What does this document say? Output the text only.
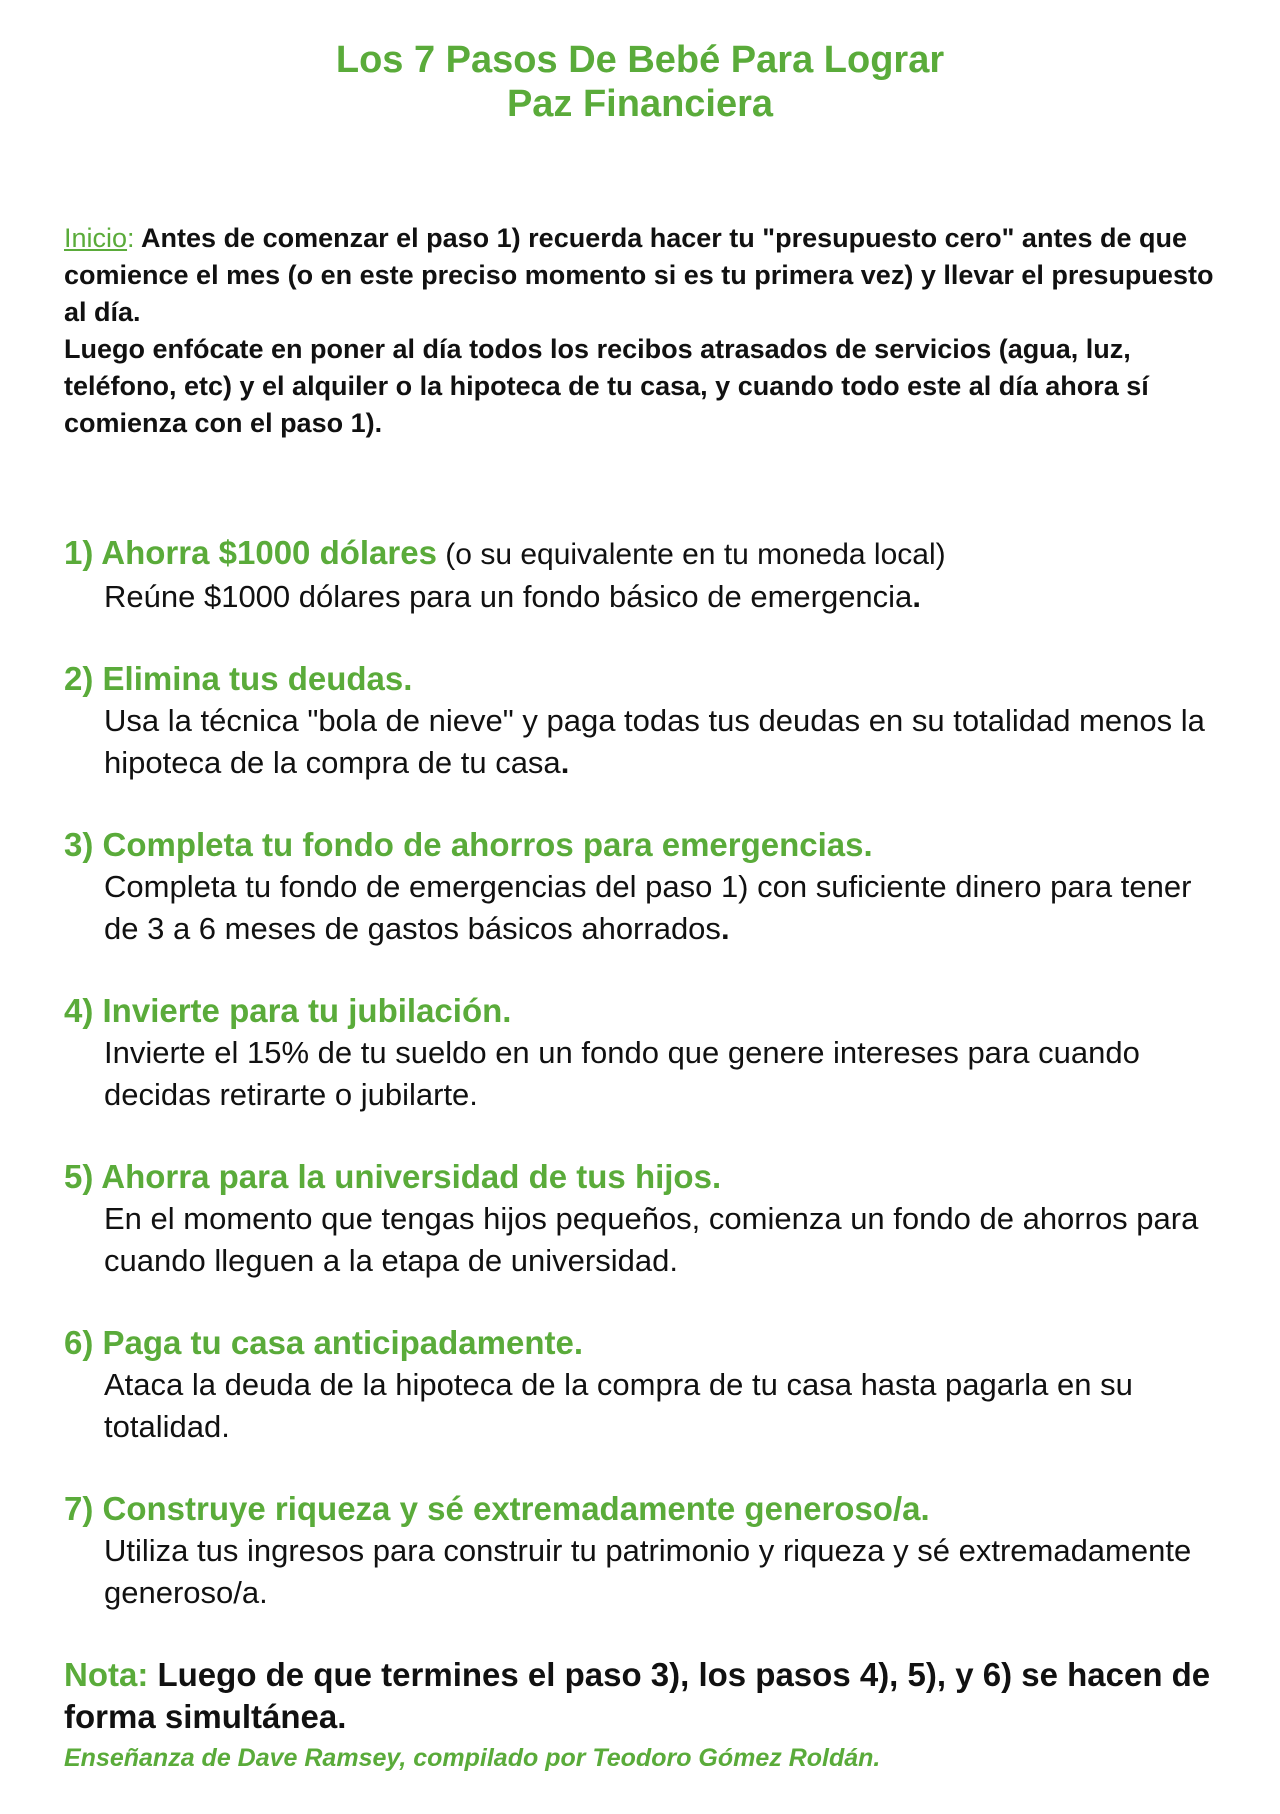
Los 7 Pasos De Bebé Para Lograr
Paz Financiera

Inicio: Antes de comenzar el paso 1) recuerda hacer tu "presupuesto cero" antes de que comience el mes (o en este preciso momento si es tu primera vez) y llevar el presupuesto al día.

Luego enfócate en poner al día todos los recibos atrasados de servicios (agua, luz, teléfono, etc) y el alquiler o la hipoteca de tu casa, y cuando todo este al día ahora sí comienza con el paso 1).

1) Ahorra $1000 dólares (o su equivalente en tu moneda local)
Reúne $1000 dólares para un fondo básico de emergencia.
2) Elimina tus deudas.
Usa la técnica "bola de nieve" y paga todas tus deudas en su totalidad menos la hipoteca de la compra de tu casa.
3) Completa tu fondo de ahorros para emergencias.
Completa tu fondo de emergencias del paso 1) con suficiente dinero para tener de 3 a 6 meses de gastos básicos ahorrados.
4) Invierte para tu jubilación.
Invierte el 15% de tu sueldo en un fondo que genere intereses para cuando decidas retirarte o jubilarte.
5) Ahorra para la universidad de tus hijos.
En el momento que tengas hijos pequeños, comienza un fondo de ahorros para cuando lleguen a la etapa de universidad.
6) Paga tu casa anticipadamente.
Ataca la deuda de la hipoteca de la compra de tu casa hasta pagarla en su totalidad.
7) Construye riqueza y sé extremadamente generoso/a.
Utiliza tus ingresos para construir tu patrimonio y riqueza y sé extremadamente generoso/a.
Nota: Luego de que termines el paso 3), los pasos 4), 5), y 6) se hacen de forma simultánea.
Enseñanza de Dave Ramsey, compilado por Teodoro Gómez Roldán.
